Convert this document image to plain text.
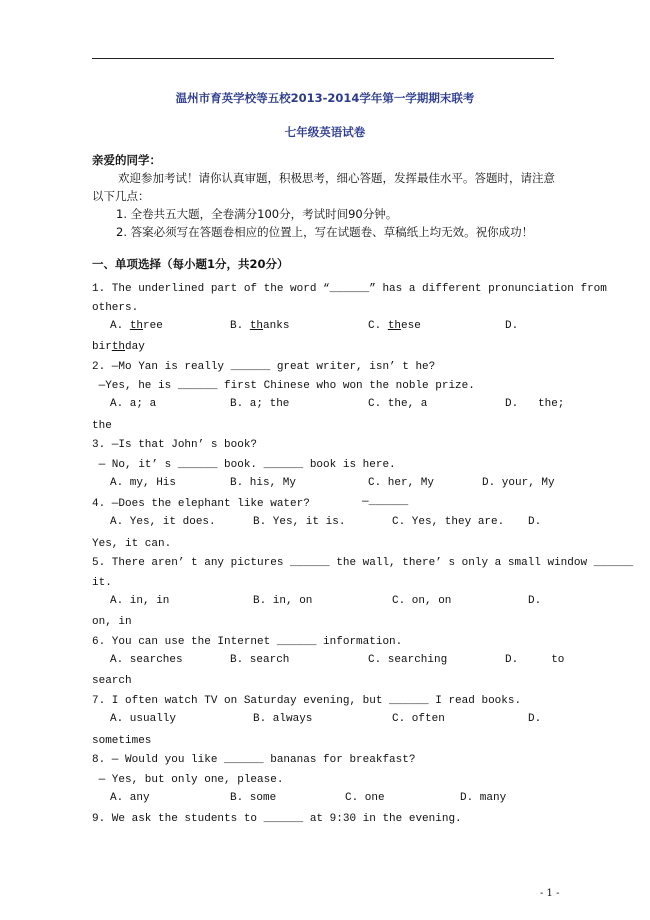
温州市育英学校等五校2013-2014学年第一学期期末联考
七年级英语试卷
亲爱的同学：
欢迎参加考试！请你认真审题，积极思考，细心答题，发挥最佳水平。答题时，请注意
以下几点：
1. 全卷共五大题，全卷满分100分，考试时间90分钟。
2. 答案必须写在答题卷相应的位置上，写在试题卷、草稿纸上均无效。祝你成功！
一、单项选择（每小题1分，共20分）
1. The underlined part of the word “______” has a different pronunciation from
others.
A. three	B. thanks	C. these	D.
birthday
2. —Mo Yan is really ______ great writer, isn’ t he?
—Yes, he is ______ first Chinese who won the noble prize.
A. a; a	B. a; the	C. the, a	D.   the;
the
3. —Is that John’ s book?
— No, it’ s ______ book. ______ book is here.
A. my, His	B. his, My	C. her, My	D. your, My
4. —Does the elephant like water?	—______
A. Yes, it does.	B. Yes, it is.	C. Yes, they are. D.
Yes, it can.
5. There aren’ t any pictures ______ the wall, there’ s only a small window ______
it.
A. in, in	B. in, on	C. on, on	D.
on, in
6. You can use the Internet ______ information.
A. searches	B. search	C. searching	D.     to
search
7. I often watch TV on Saturday evening, but ______ I read books.
A. usually	B. always	C. often	D.
sometimes
8. — Would you like ______ bananas for breakfast?
— Yes, but only one, please.
A. any	B. some	C. one	D. many
9. We ask the students to ______ at 9:30 in the evening.
- 1 -
